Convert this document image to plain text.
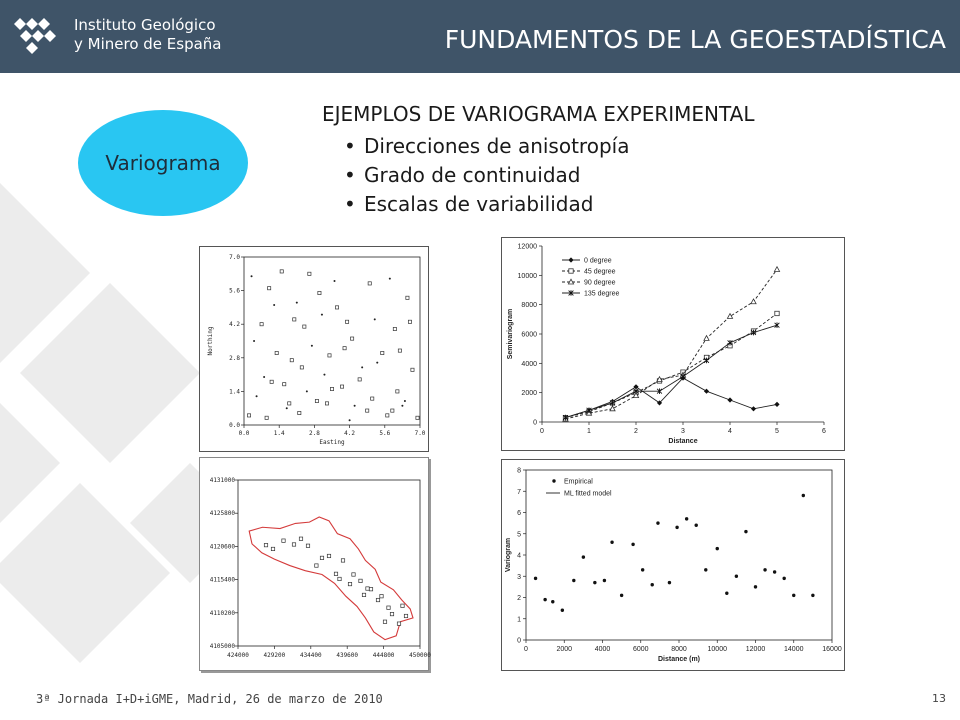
Instituto Geológico
y Minero de España	FUNDAMENTOS DE LA GEOESTADÍSTICA
Variograma
EJEMPLOS DE VARIOGRAMA EXPERIMENTAL
• Direcciones de anisotropía
• Grado de continuidad
• Escalas de variabilidad
0.0	1.4	2.8	4.2	5.6	7.0
0.0
1.4
2.8
4.2
5.6
7.0
Easting
Northing
0
2000
4000
6000
8000
10000
12000
0	1	2	3	4	5	6
Distance
Semivariogram
0 degree
45 degree
90 degree
135 degree
424000 429200 434400 439600 444800 450000
4131000
4125800
4120600
4115400
4110200
4105000
0
1
2
3
4
5
6
7
8
0	2000	4000	6000	8000	10000	12000	14000	16000
Distance (m)
Variogram
Empirical
ML fitted model
3ª Jornada I+D+iGME, Madrid, 26 de marzo de 2010	13
